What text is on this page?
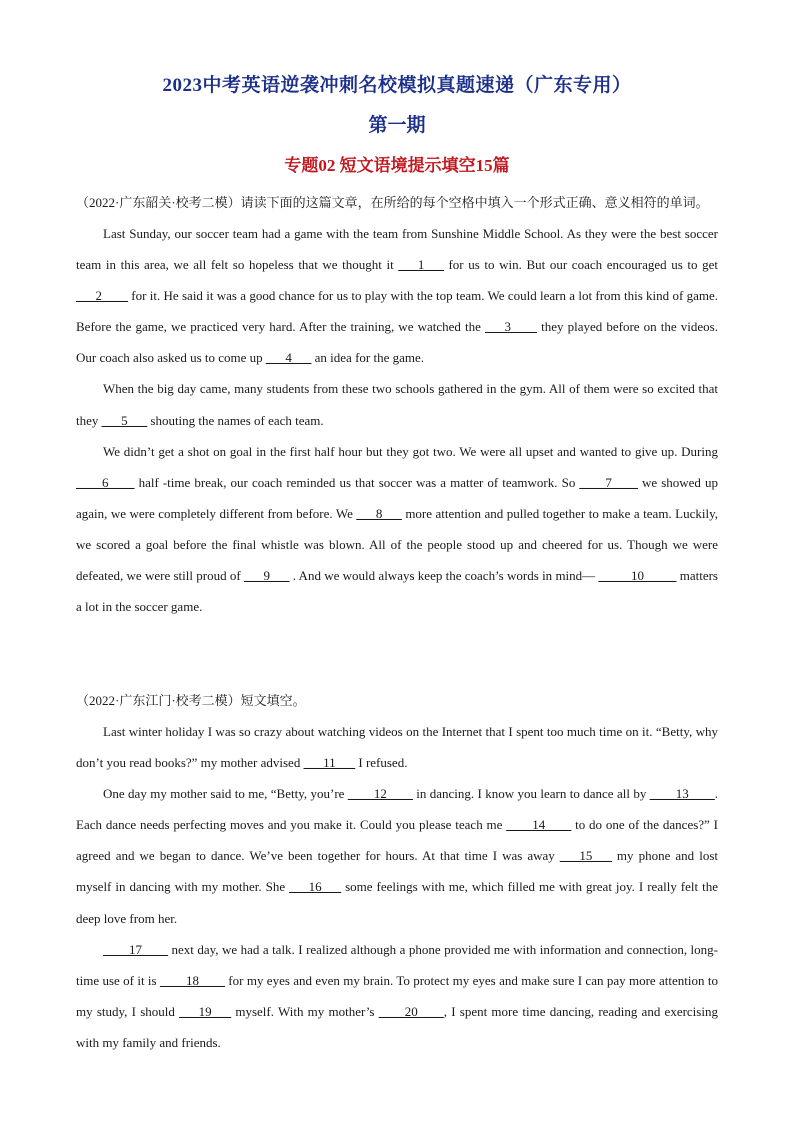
2023中考英语逆袭冲刺名校模拟真题速递（广东专用）
第一期
专题02 短文语境提示填空15篇

（2022·广东韶关·校考二模）请读下面的这篇文章，在所给的每个空格中填入一个形式正确、意义相符的单词。

Last Sunday, our soccer team had a game with the team from Sunshine Middle School. As they were the best soccer team in this area, we all felt so hopeless that we thought it ___1___ for us to win. But our coach encouraged us to get ___2____ for it. He said it was a good chance for us to play with the top team. We could learn a lot from this kind of game. Before the game, we practiced very hard. After the training, we watched the ___3____ they played before on the videos. Our coach also asked us to come up ___4___ an idea for the game.

When the big day came, many students from these two schools gathered in the gym. All of them were so excited that they ___5___ shouting the names of each team.

We didn’t get a shot on goal in the first half hour but they got two. We were all upset and wanted to give up. During ____6____ half -time break, our coach reminded us that soccer was a matter of teamwork. So ____7____ we showed up again, we were completely different from before. We ___8___ more attention and pulled together to make a team. Luckily, we scored a goal before the final whistle was blown. All of the people stood up and cheered for us. Though we were defeated, we were still proud of ___9___ . And we would always keep the coach’s words in mind— _____10_____ matters a lot in the soccer game.

（2022·广东江门·校考二模）短文填空。

Last winter holiday I was so crazy about watching videos on the Internet that I spent too much time on it. “Betty, why don’t you read books?” my mother advised ___11___ I refused.

One day my mother said to me, “Betty, you’re ____12____ in dancing. I know you learn to dance all by ____13____. Each dance needs perfecting moves and you make it. Could you please teach me ____14____ to do one of the dances?” I agreed and we began to dance. We’ve been together for hours. At that time I was away ___15___ my phone and lost myself in dancing with my mother. She ___16___ some feelings with me, which filled me with great joy. I really felt the deep love from her.

____17____ next day, we had a talk. I realized although a phone provided me with information and connection, long-time use of it is ____18____ for my eyes and even my brain. To protect my eyes and make sure I can pay more attention to my study, I should ___19___ myself. With my mother’s ____20____, I spent more time dancing, reading and exercising with my family and friends.
